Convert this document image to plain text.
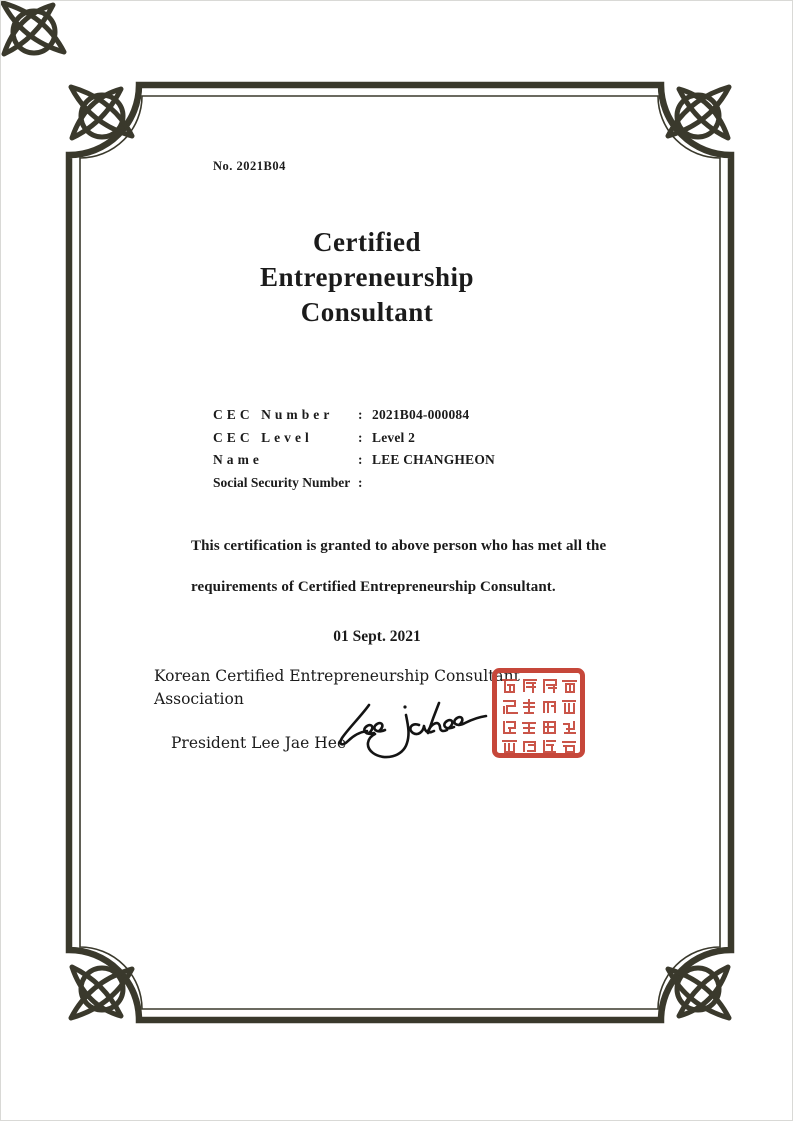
No. 2021B04
Certified
Entrepreneurship
Consultant
CEC Number	: 2021B04-000084
CEC Level	: Level 2
Name	: LEE CHANGHEON
Social Security Number :
This certification is granted to above person who has met all the
requirements of Certified Entrepreneurship Consultant.
01 Sept. 2021
Korean Certified Entrepreneurship Consultant
Association
President Lee Jae Hee
